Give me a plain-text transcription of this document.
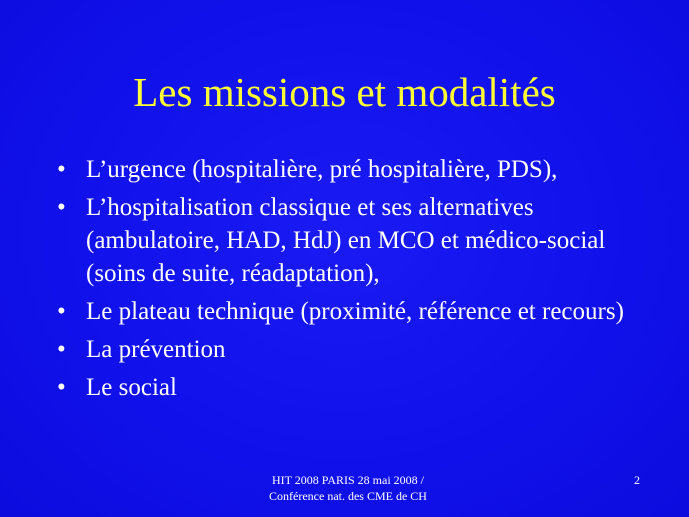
Les missions et modalités
• L’urgence (hospitalière, pré hospitalière, PDS),
• L’hospitalisation classique et ses alternatives (ambulatoire, HAD, HdJ) en MCO et médico-social (soins de suite, réadaptation),
• Le plateau technique (proximité, référence et recours)
• La prévention
• Le social
HIT 2008 PARIS 28 mai 2008 /
Conférence nat. des CME de CH
2
